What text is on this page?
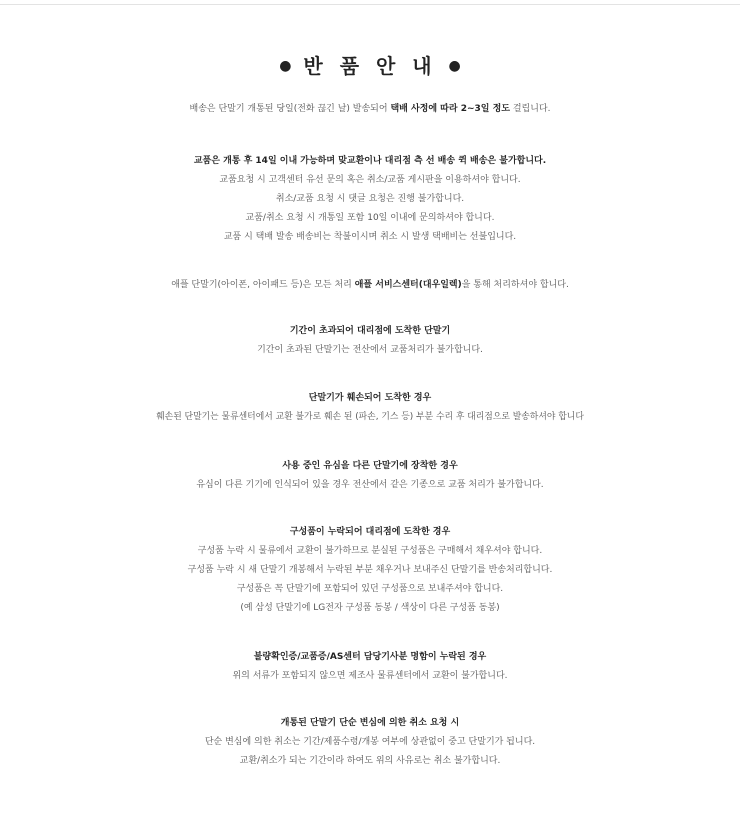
● 반 품 안 내 ●
배송은 단말기 개통된 당일(전화 끊긴 날) 발송되어 택배 사정에 따라 2~3일 정도 걸립니다.
교품은 개통 후 14일 이내 가능하며 맞교환이나 대리점 측 선 배송 퀵 배송은 불가합니다.
교품요청 시 고객센터 유선 문의 혹은 취소/교품 게시판을 이용하셔야 합니다.
취소/교품 요청 시 댓글 요청은 진행 불가합니다.
교품/취소 요청 시 개통일 포함 10일 이내에 문의하셔야 합니다.
교품 시 택배 발송 배송비는 착불이시며 취소 시 발생 택배비는 선불입니다.
애플 단말기(아이폰, 아이패드 등)은 모든 처리 애플 서비스센터(대우일렉)을 통해 처리하셔야 합니다.
기간이 초과되어 대리점에 도착한 단말기
기간이 초과된 단말기는 전산에서 교품처리가 불가합니다.
단말기가 훼손되어 도착한 경우
훼손된 단말기는 물류센터에서 교환 불가로 훼손 된 (파손, 기스 등) 부분 수리 후 대리점으로 발송하셔야 합니다
사용 중인 유심을 다른 단말기에 장착한 경우
유심이 다른 기기에 인식되어 있을 경우 전산에서 같은 기종으로 교품 처리가 불가합니다.
구성품이 누락되어 대리점에 도착한 경우
구성품 누락 시 물류에서 교환이 불가하므로 분실된 구성품은 구매해서 채우셔야 합니다.
구성품 누락 시 새 단말기 개봉해서 누락된 부분 채우거나 보내주신 단말기를 반송처리합니다.
구성품은 꼭 단말기에 포함되어 있던 구성품으로 보내주셔야 합니다.
(예 삼성 단말기에 LG전자 구성품 동봉 / 색상이 다른 구성품 동봉)
불량확인증/교품증/AS센터 담당기사분 명함이 누락된 경우
위의 서류가 포함되지 않으면 제조사 물류센터에서 교환이 불가합니다.
개통된 단말기 단순 변심에 의한 취소 요청 시
단순 변심에 의한 취소는 기간/제품수령/개봉 여부에 상관없이 중고 단말기가 됩니다.
교환/취소가 되는 기간이라 하여도 위의 사유로는 취소 불가합니다.
